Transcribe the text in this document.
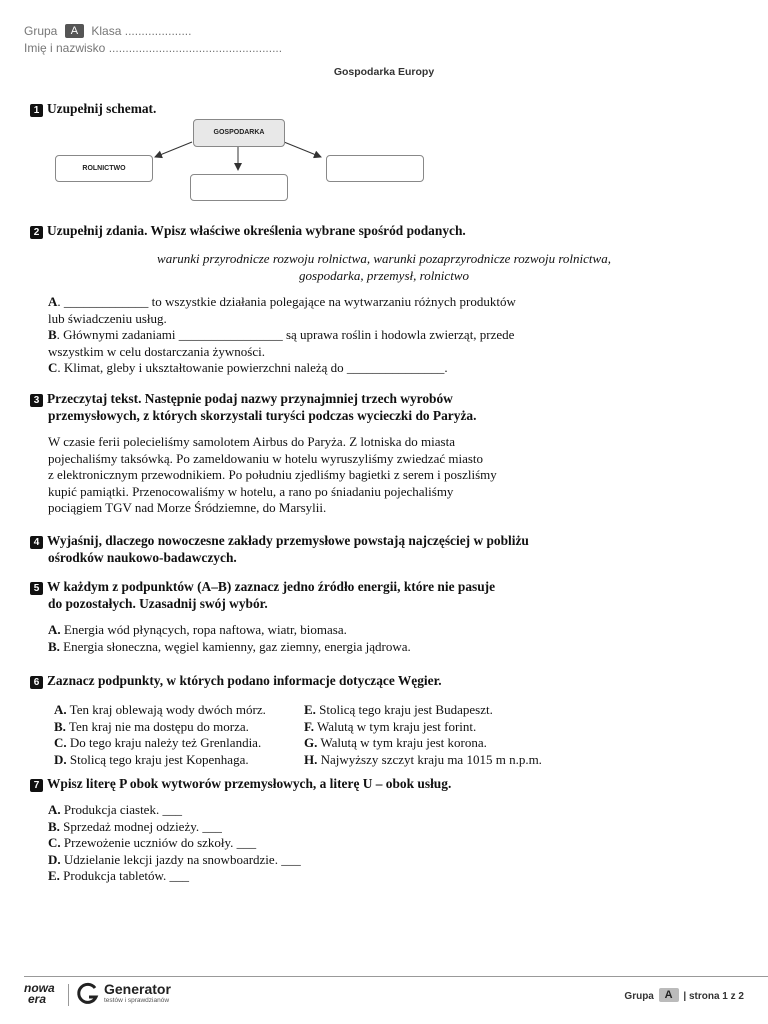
Grupa A Klasa ....................
Imię i nazwisko ....................................................
Gospodarka Europy
1 Uzupełnij schemat.
GOSPODARKA
ROLNICTWO
2 Uzupełnij zdania. Wpisz właściwe określenia wybrane spośród podanych.
warunki przyrodnicze rozwoju rolnictwa, warunki pozaprzyrodnicze rozwoju rolnictwa,
gospodarka, przemysł, rolnictwo
A. _____________ to wszystkie działania polegające na wytwarzaniu różnych produktów
lub świadczeniu usług.
B. Głównymi zadaniami ________________ są uprawa roślin i hodowla zwierząt, przede
wszystkim w celu dostarczania żywności.
C. Klimat, gleby i ukształtowanie powierzchni należą do _______________.
3 Przeczytaj tekst. Następnie podaj nazwy przynajmniej trzech wyrobów
przemysłowych, z których skorzystali turyści podczas wycieczki do Paryża.
W czasie ferii polecieliśmy samolotem Airbus do Paryża. Z lotniska do miasta
pojechaliśmy taksówką. Po zameldowaniu w hotelu wyruszyliśmy zwiedzać miasto
z elektronicznym przewodnikiem. Po południu zjedliśmy bagietki z serem i poszliśmy
kupić pamiątki. Przenocowaliśmy w hotelu, a rano po śniadaniu pojechaliśmy
pociągiem TGV nad Morze Śródziemne, do Marsylii.
4 Wyjaśnij, dlaczego nowoczesne zakłady przemysłowe powstają najczęściej w pobliżu
ośrodków naukowo-badawczych.
5 W każdym z podpunktów (A–B) zaznacz jedno źródło energii, które nie pasuje
do pozostałych. Uzasadnij swój wybór.
A. Energia wód płynących, ropa naftowa, wiatr, biomasa.
B. Energia słoneczna, węgiel kamienny, gaz ziemny, energia jądrowa.
6 Zaznacz podpunkty, w których podano informacje dotyczące Węgier.
A. Ten kraj oblewają wody dwóch mórz.
B. Ten kraj nie ma dostępu do morza.
C. Do tego kraju należy też Grenlandia.
D. Stolicą tego kraju jest Kopenhaga.
E. Stolicą tego kraju jest Budapeszt.
F. Walutą w tym kraju jest forint.
G. Walutą w tym kraju jest korona.
H. Najwyższy szczyt kraju ma 1015 m n.p.m.
7 Wpisz literę P obok wytworów przemysłowych, a literę U – obok usług.
A. Produkcja ciastek. ___
B. Sprzedaż modnej odzieży. ___
C. Przewożenie uczniów do szkoły. ___
D. Udzielanie lekcji jazdy na snowboardzie. ___
E. Produkcja tabletów. ___
nowa
era
Generator
testów i sprawdzianów	Grupa A | strona 1 z 2
